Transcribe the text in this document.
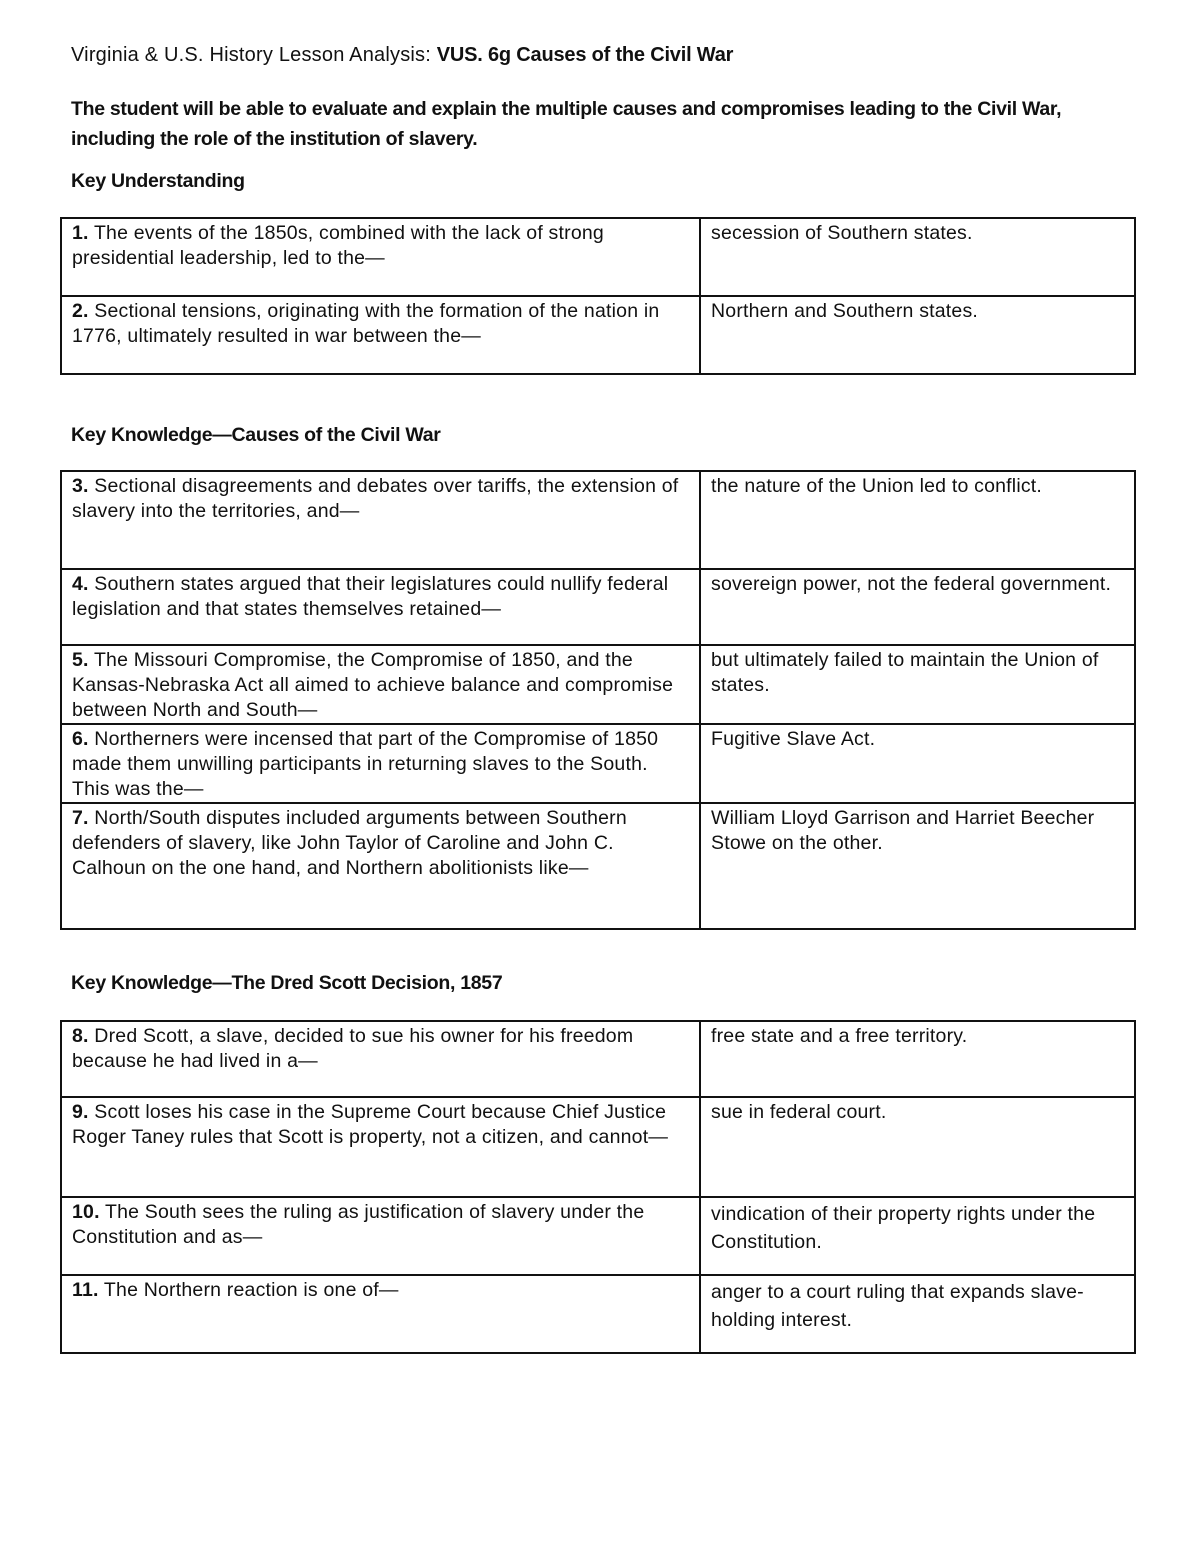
Virginia & U.S. History Lesson Analysis: VUS. 6g Causes of the Civil War
The student will be able to evaluate and explain the multiple causes and compromises leading to the Civil War, including the role of the institution of slavery.
Key Understanding
1. The events of the 1850s, combined with the lack of strong presidential leadership, led to the—	secession of Southern states.
2. Sectional tensions, originating with the formation of the nation in 1776, ultimately resulted in war between the—	Northern and Southern states.
Key Knowledge—Causes of the Civil War
3. Sectional disagreements and debates over tariffs, the extension of slavery into the territories, and—	the nature of the Union led to conflict.
4. Southern states argued that their legislatures could nullify federal legislation and that states themselves retained—	sovereign power, not the federal government.
5. The Missouri Compromise, the Compromise of 1850, and the Kansas-Nebraska Act all aimed to achieve balance and compromise between North and South—	but ultimately failed to maintain the Union of states.
6. Northerners were incensed that part of the Compromise of 1850 made them unwilling participants in returning slaves to the South. This was the—	Fugitive Slave Act.
7. North/South disputes included arguments between Southern defenders of slavery, like John Taylor of Caroline and John C. Calhoun on the one hand, and Northern abolitionists like—	William Lloyd Garrison and Harriet Beecher Stowe on the other.
Key Knowledge—The Dred Scott Decision, 1857
8. Dred Scott, a slave, decided to sue his owner for his freedom because he had lived in a—	free state and a free territory.
9. Scott loses his case in the Supreme Court because Chief Justice Roger Taney rules that Scott is property, not a citizen, and cannot—	sue in federal court.
10. The South sees the ruling as justification of slavery under the Constitution and as—	vindication of their property rights under the Constitution.
11. The Northern reaction is one of—	anger to a court ruling that expands slave-holding interest.
